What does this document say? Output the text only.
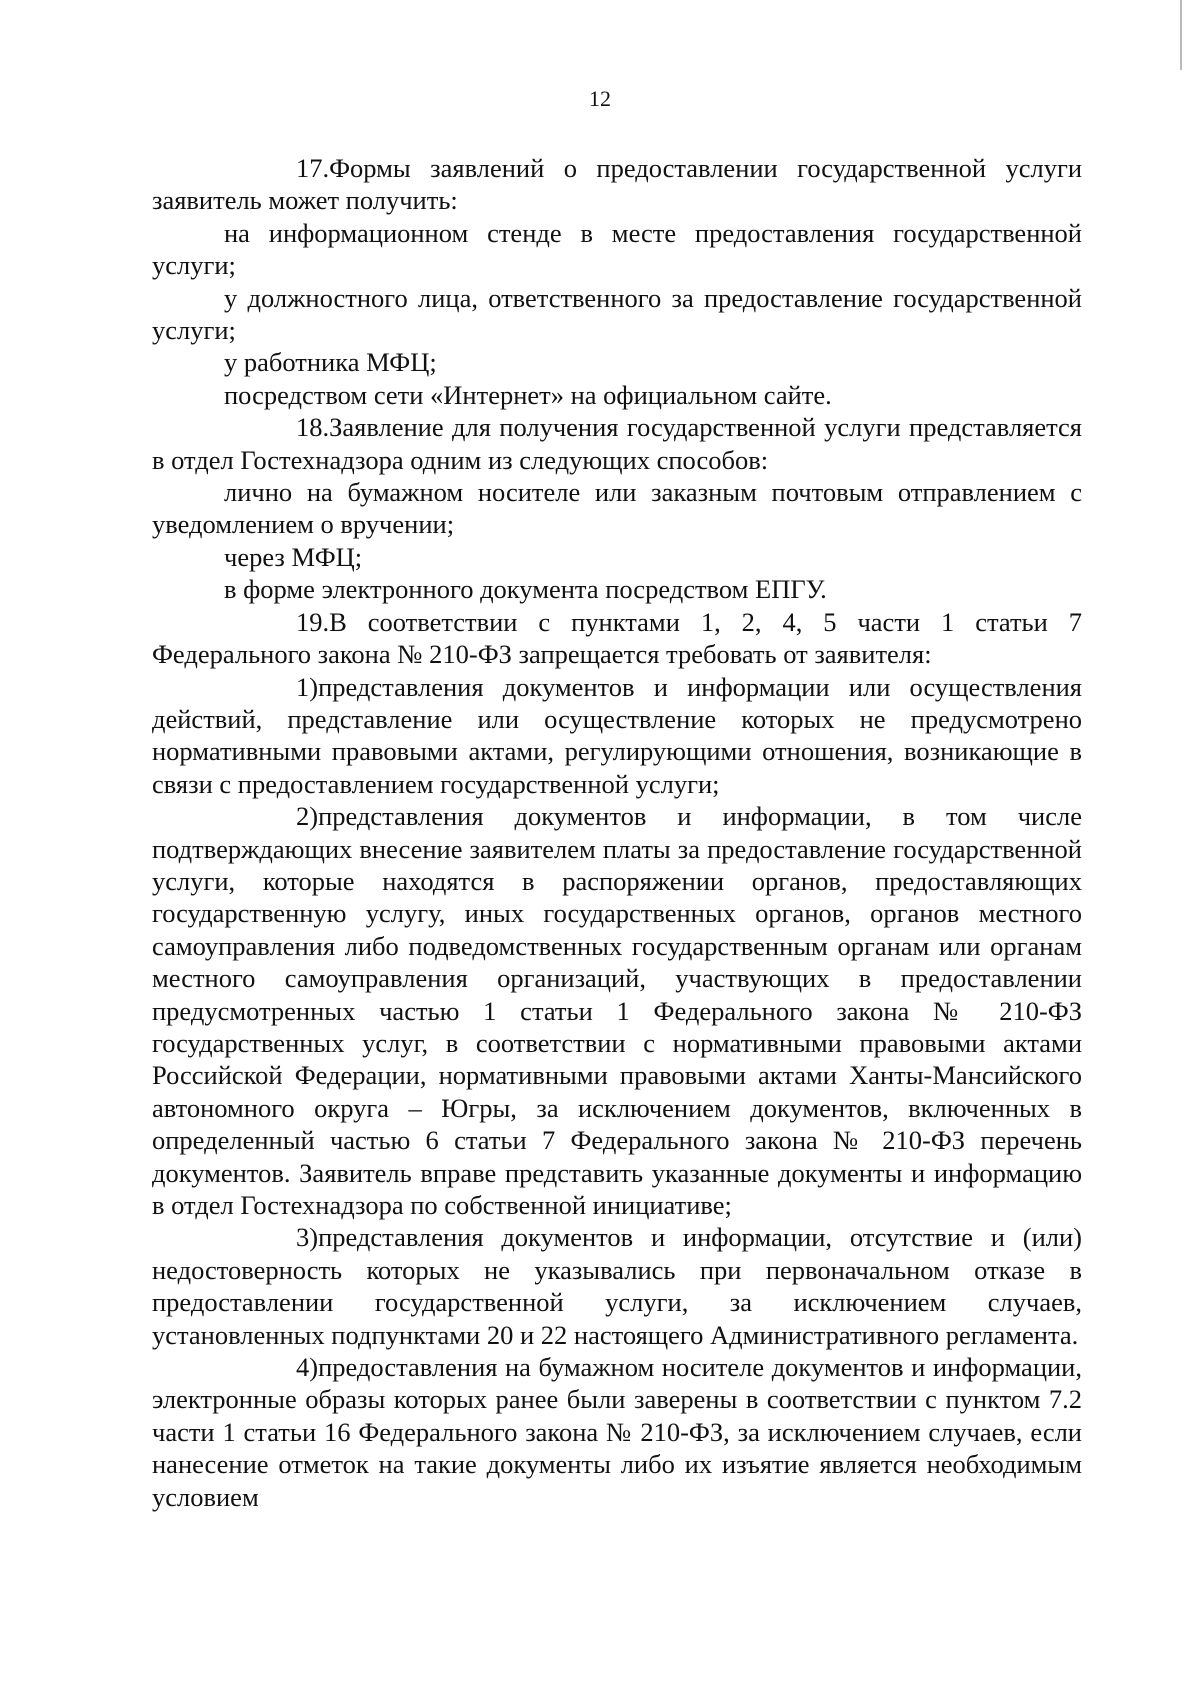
12

17.Формы заявлений о предоставлении государственной услуги заявитель может получить:

на информационном стенде в месте предоставления государственной услуги;

у должностного лица, ответственного за предоставление государственной услуги;

у работника МФЦ;

посредством сети «Интернет» на официальном сайте.

18.Заявление для получения государственной услуги представляется в отдел Гостехнадзора одним из следующих способов:

лично на бумажном носителе или заказным почтовым отправлением с уведомлением о вручении;

через МФЦ;

в форме электронного документа посредством ЕПГУ.

19.В соответствии с пунктами 1, 2, 4, 5 части 1 статьи 7 Федерального закона № 210-ФЗ запрещается требовать от заявителя:

1)представления документов и информации или осуществления действий, представление или осуществление которых не предусмотрено нормативными правовыми актами, регулирующими отношения, возникающие в связи с предоставлением государственной услуги;

2)представления документов и информации, в том числе подтверждающих внесение заявителем платы за предоставление государственной услуги, которые находятся в распоряжении органов, предоставляющих государственную услугу, иных государственных органов, органов местного самоуправления либо подведомственных государственным органам или органам местного самоуправления организаций, участвующих в предоставлении предусмотренных частью 1 статьи 1 Федерального закона № 210-ФЗ государственных услуг, в соответствии с нормативными правовыми актами Российской Федерации, нормативными правовыми актами Ханты-Мансийского автономного округа – Югры, за исключением документов, включенных в определенный частью 6 статьи 7 Федерального закона № 210-ФЗ перечень документов. Заявитель вправе представить указанные документы и информацию в отдел Гостехнадзора по собственной инициативе;

3)представления документов и информации, отсутствие и (или) недостоверность которых не указывались при первоначальном отказе в предоставлении государственной услуги, за исключением случаев, установленных подпунктами 20 и 22 настоящего Административного регламента.

4)предоставления на бумажном носителе документов и информации, электронные образы которых ранее были заверены в соответствии с пунктом 7.2 части 1 статьи 16 Федерального закона № 210-ФЗ, за исключением случаев, если нанесение отметок на такие документы либо их изъятие является необходимым условием
